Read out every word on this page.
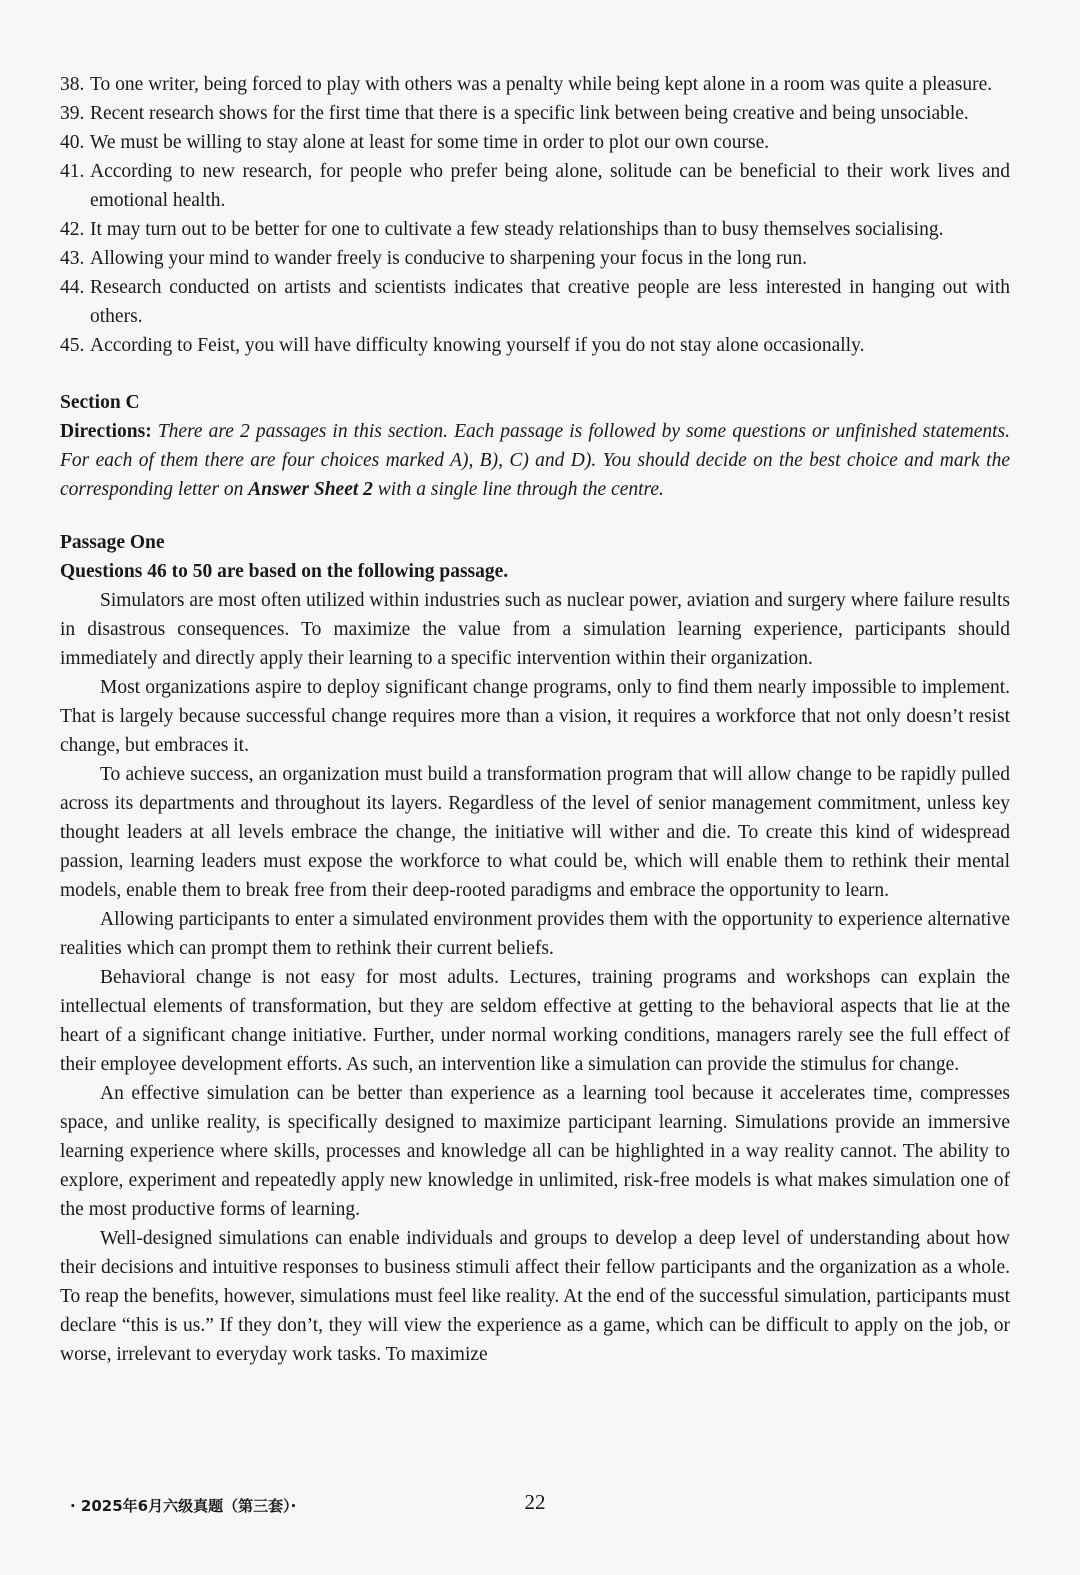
38. To one writer, being forced to play with others was a penalty while being kept alone in a room was quite a pleasure.
39. Recent research shows for the first time that there is a specific link between being creative and being unsociable.
40. We must be willing to stay alone at least for some time in order to plot our own course.
41. According to new research, for people who prefer being alone, solitude can be beneficial to their work lives and emotional health.
42. It may turn out to be better for one to cultivate a few steady relationships than to busy themselves socialising.
43. Allowing your mind to wander freely is conducive to sharpening your focus in the long run.
44. Research conducted on artists and scientists indicates that creative people are less interested in hanging out with others.
45. According to Feist, you will have difficulty knowing yourself if you do not stay alone occasionally.
Section C
Directions: There are 2 passages in this section. Each passage is followed by some questions or unfinished statements. For each of them there are four choices marked A), B), C) and D). You should decide on the best choice and mark the corresponding letter on Answer Sheet 2 with a single line through the centre.
Passage One
Questions 46 to 50 are based on the following passage.

Simulators are most often utilized within industries such as nuclear power, aviation and surgery where failure results in disastrous consequences. To maximize the value from a simulation learning experience, participants should immediately and directly apply their learning to a specific intervention within their organization.

Most organizations aspire to deploy significant change programs, only to find them nearly impossible to implement. That is largely because successful change requires more than a vision, it requires a workforce that not only doesn’t resist change, but embraces it.

To achieve success, an organization must build a transformation program that will allow change to be rapidly pulled across its departments and throughout its layers. Regardless of the level of senior management commitment, unless key thought leaders at all levels embrace the change, the initiative will wither and die. To create this kind of widespread passion, learning leaders must expose the workforce to what could be, which will enable them to rethink their mental models, enable them to break free from their deep-rooted paradigms and embrace the opportunity to learn.

Allowing participants to enter a simulated environment provides them with the opportunity to experience alternative realities which can prompt them to rethink their current beliefs.

Behavioral change is not easy for most adults. Lectures, training programs and workshops can explain the intellectual elements of transformation, but they are seldom effective at getting to the behavioral aspects that lie at the heart of a significant change initiative. Further, under normal working conditions, managers rarely see the full effect of their employee development efforts. As such, an intervention like a simulation can provide the stimulus for change.

An effective simulation can be better than experience as a learning tool because it accelerates time, compresses space, and unlike reality, is specifically designed to maximize participant learning. Simulations provide an immersive learning experience where skills, processes and knowledge all can be highlighted in a way reality cannot. The ability to explore, experiment and repeatedly apply new knowledge in unlimited, risk-free models is what makes simulation one of the most productive forms of learning.

Well-designed simulations can enable individuals and groups to develop a deep level of understanding about how their decisions and intuitive responses to business stimuli affect their fellow participants and the organization as a whole. To reap the benefits, however, simulations must feel like reality. At the end of the successful simulation, participants must declare “this is us.” If they don’t, they will view the experience as a game, which can be difficult to apply on the job, or worse, irrelevant to everyday work tasks. To maximize

· 2025年6月六级真题（第三套）·	22
